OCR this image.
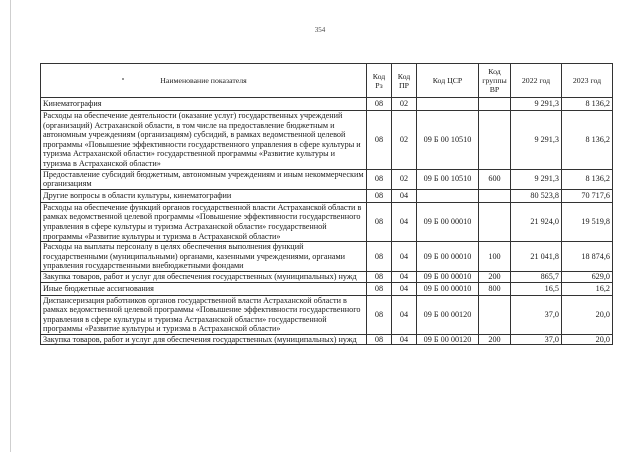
354
Наименование показателя	Код Рз	Код ПР	Код ЦСР	Код группы ВР	2022 год	2023 год
Кинематография	08	02			9 291,3	8 136,2
Расходы на обеспечение деятельности (оказание услуг) государственных учреждений (организаций) Астраханской области, в том числе на предоставление бюджетным и автономным учреждениям (организациям) субсидий, в рамках ведомственной целевой программы «Повышение эффективности государственного управления в сфере культуры и туризма Астраханской области» государственной программы «Развитие культуры и туризма в Астраханской области»	08	02	09 Б 00 10510		9 291,3	8 136,2
Предоставление субсидий бюджетным, автономным учреждениям и иным некоммерческим организациям	08	02	09 Б 00 10510	600	9 291,3	8 136,2
Другие вопросы в области культуры, кинематографии	08	04			80 523,8	70 717,6
Расходы на обеспечение функций органов государственной власти Астраханской области в рамках ведомственной целевой программы «Повышение эффективности государственного управления в сфере культуры и туризма Астраханской области» государственной программы «Развитие культуры и туризма в Астраханской области»	08	04	09 Б 00 00010		21 924,0	19 519,8
Расходы на выплаты персоналу в целях обеспечения выполнения функций государственными (муниципальными) органами, казенными учреждениями, органами управления государственными внебюджетными фондами	08	04	09 Б 00 00010	100	21 041,8	18 874,6
Закупка товаров, работ и услуг для обеспечения государственных (муниципальных) нужд	08	04	09 Б 00 00010	200	865,7	629,0
Иные бюджетные ассигнования	08	04	09 Б 00 00010	800	16,5	16,2
Диспансеризация работников органов государственной власти Астраханской области в рамках ведомственной целевой программы «Повышение эффективности государственного управления в сфере культуры и туризма Астраханской области» государственной программы «Развитие культуры и туризма в Астраханской области»	08	04	09 Б 00 00120		37,0	20,0
Закупка товаров, работ и услуг для обеспечения государственных (муниципальных) нужд	08	04	09 Б 00 00120	200	37,0	20,0
